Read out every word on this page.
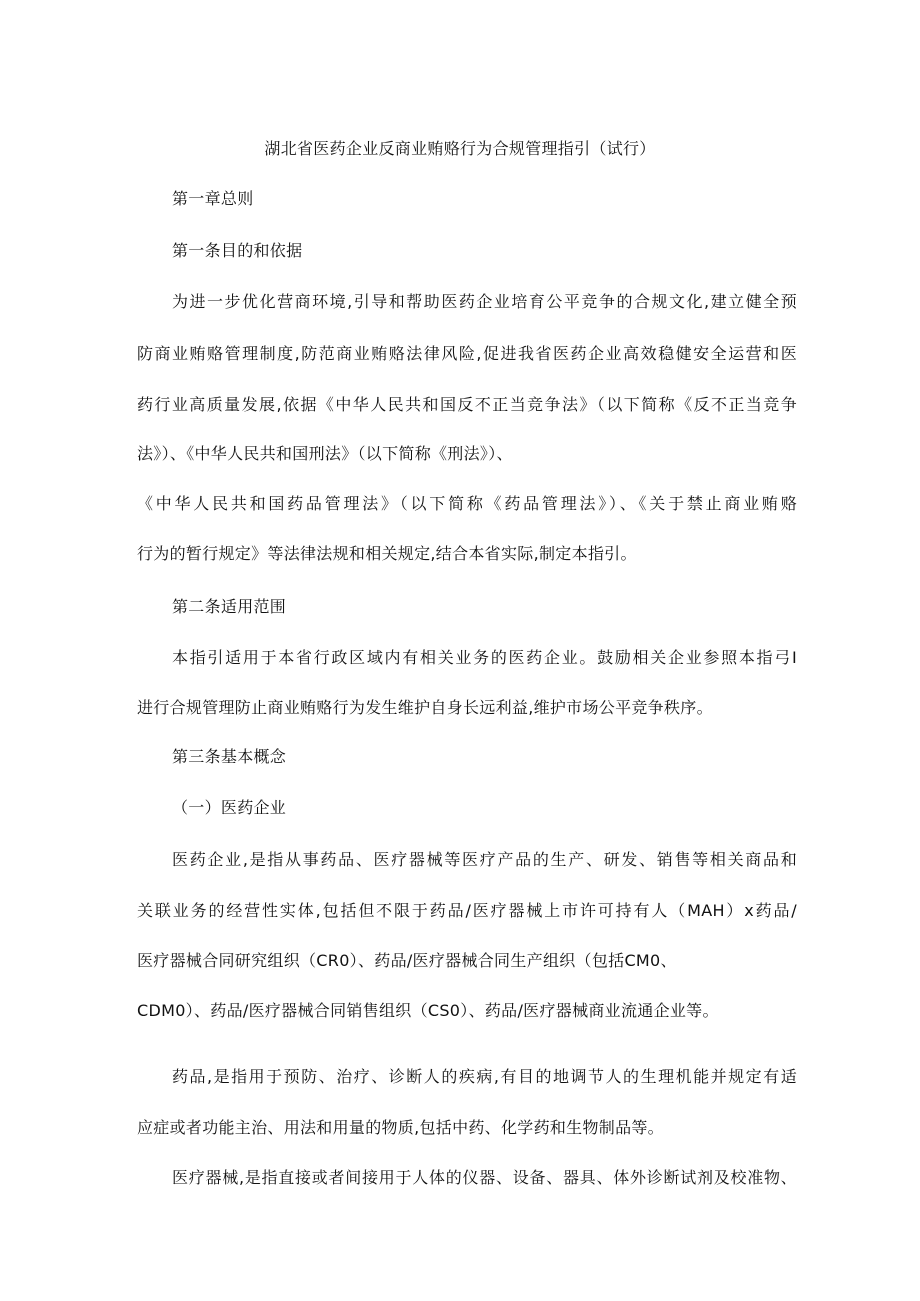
湖北省医药企业反商业贿赂行为合规管理指引（试行）
第一章总则
第一条目的和依据
为进一步优化营商环境,引导和帮助医药企业培育公平竞争的合规文化,建立健全预
防商业贿赂管理制度,防范商业贿赂法律风险,促进我省医药企业高效稳健安全运营和医
药行业高质量发展,依据《中华人民共和国反不正当竞争法》（以下简称《反不正当竞争
法》）、《中华人民共和国刑法》（以下简称《刑法》）、
《中华人民共和国药品管理法》（以下简称《药品管理法》）、《关于禁止商业贿赂
行为的暂行规定》等法律法规和相关规定,结合本省实际,制定本指引。
第二条适用范围
本指引适用于本省行政区域内有相关业务的医药企业。鼓励相关企业参照本指弓I
进行合规管理防止商业贿赂行为发生维护自身长远利益,维护市场公平竞争秩序。
第三条基本概念
（一）医药企业
医药企业,是指从事药品、医疗器械等医疗产品的生产、研发、销售等相关商品和
关联业务的经营性实体,包括但不限于药品/医疗器械上市许可持有人（MAH）x药品/
医疗器械合同研究组织（CR0）、药品/医疗器械合同生产组织（包括CM0、
CDM0）、药品/医疗器械合同销售组织（CS0）、药品/医疗器械商业流通企业等。
药品,是指用于预防、治疗、诊断人的疾病,有目的地调节人的生理机能并规定有适
应症或者功能主治、用法和用量的物质,包括中药、化学药和生物制品等。
医疗器械,是指直接或者间接用于人体的仪器、设备、器具、体外诊断试剂及校准物、
